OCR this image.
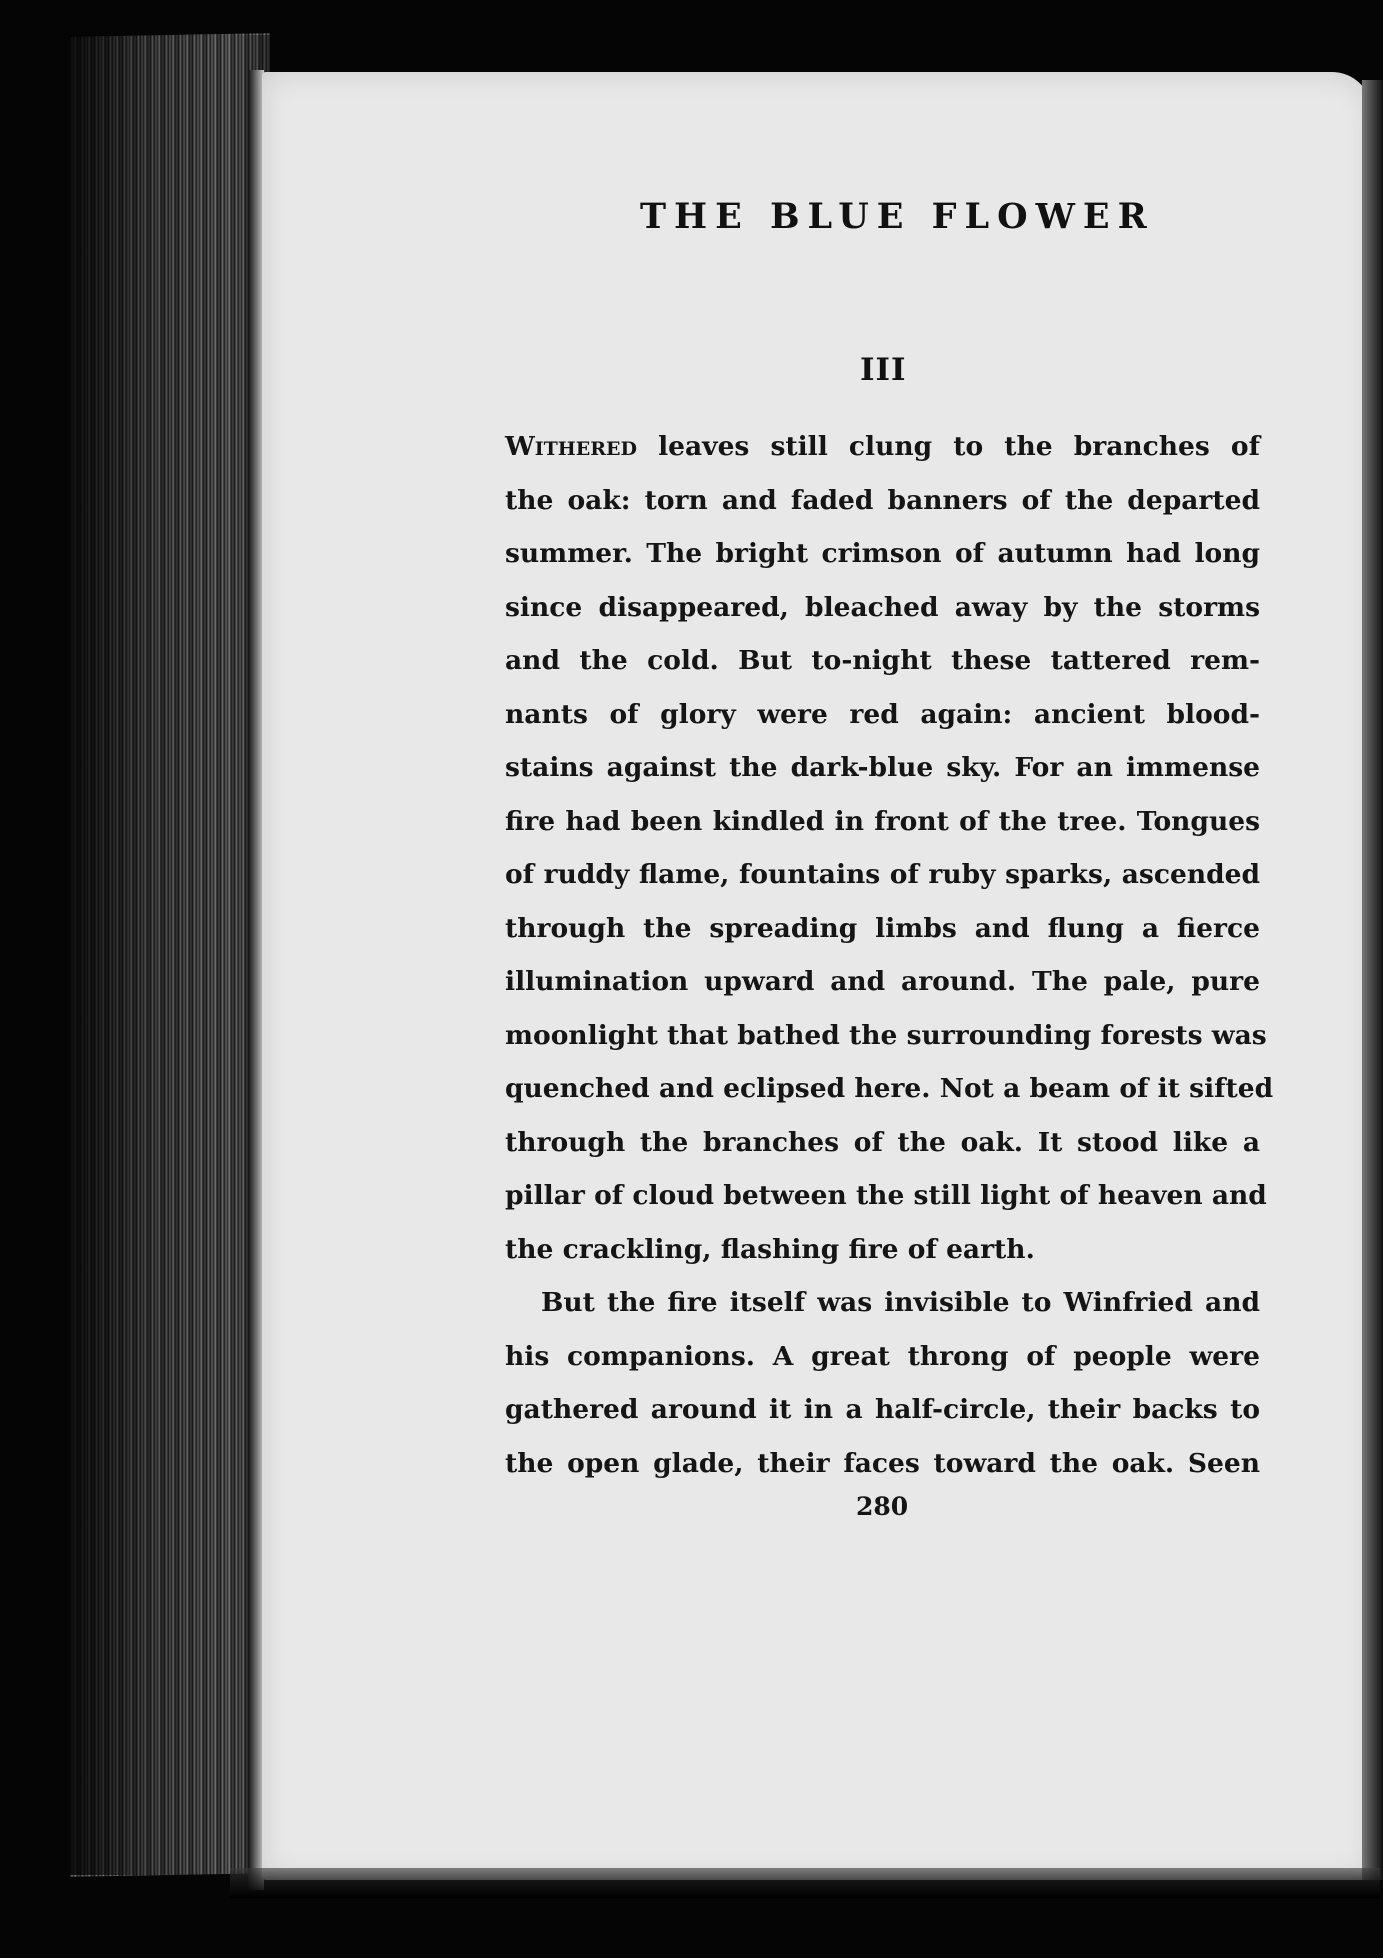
THE BLUE FLOWER
III
Withered leaves still clung to the branches of
the oak: torn and faded banners of the departed
summer. The bright crimson of autumn had long
since disappeared, bleached away by the storms
and the cold. But to-night these tattered rem-
nants of glory were red again: ancient blood-
stains against the dark-blue sky. For an immense
fire had been kindled in front of the tree. Tongues
of ruddy flame, fountains of ruby sparks, ascended
through the spreading limbs and flung a fierce
illumination upward and around. The pale, pure
moonlight that bathed the surrounding forests was
quenched and eclipsed here. Not a beam of it sifted
through the branches of the oak. It stood like a
pillar of cloud between the still light of heaven and
the crackling, flashing fire of earth.
But the fire itself was invisible to Winfried and
his companions. A great throng of people were
gathered around it in a half-circle, their backs to
the open glade, their faces toward the oak. Seen
280
